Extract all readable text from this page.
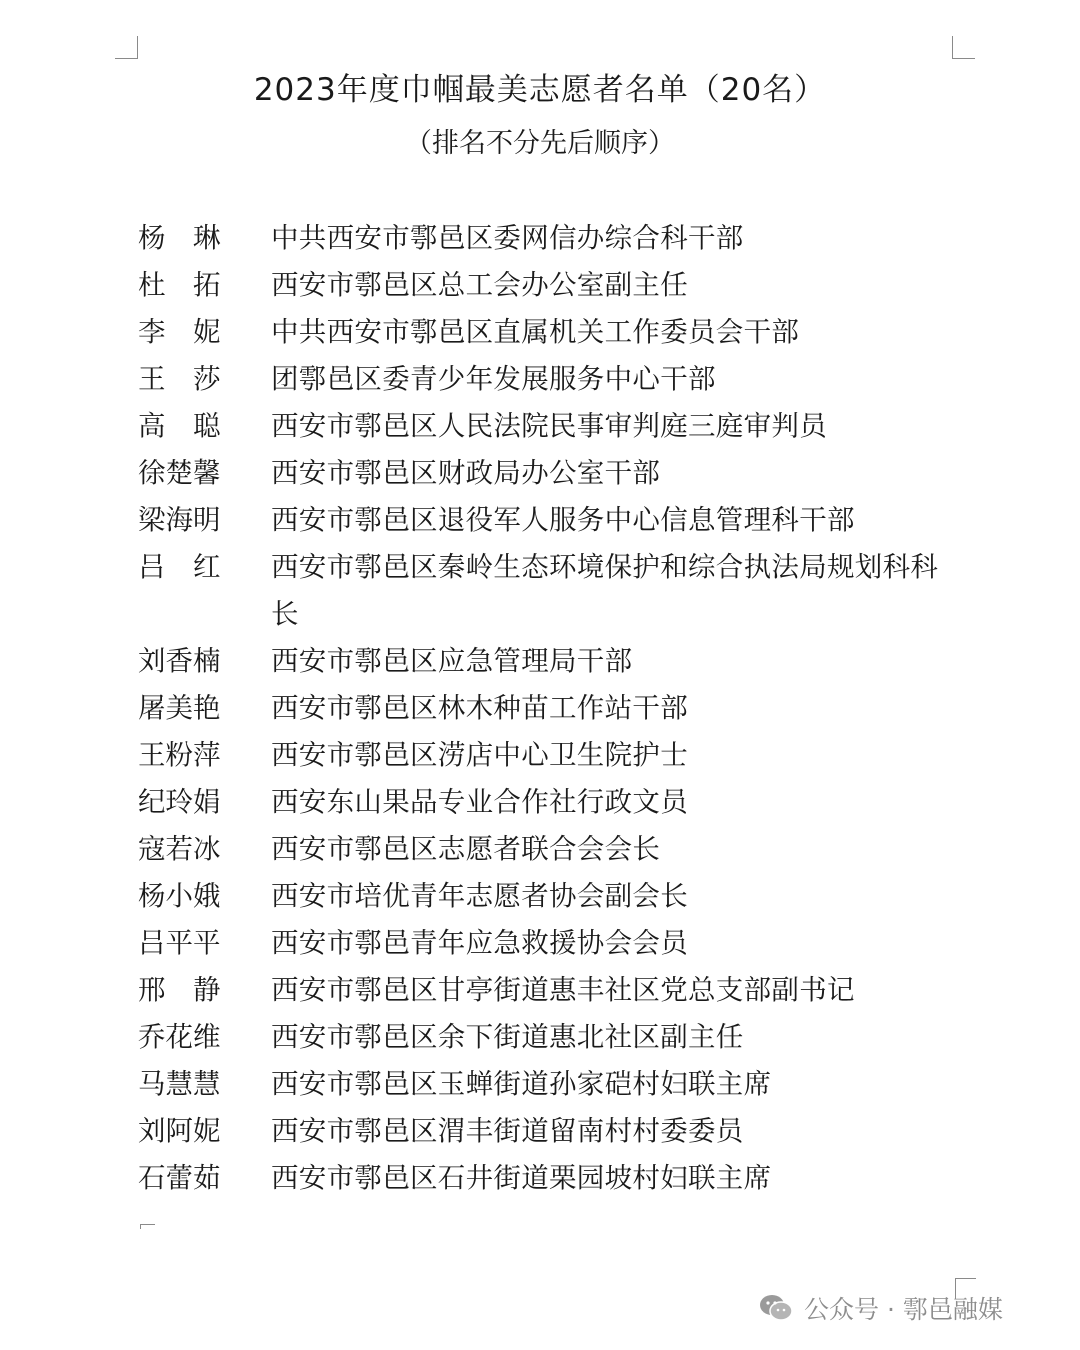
2023年度巾帼最美志愿者名单（20名）
（排名不分先后顺序）
杨　琳	中共西安市鄠邑区委网信办综合科干部
杜　拓	西安市鄠邑区总工会办公室副主任
李　妮	中共西安市鄠邑区直属机关工作委员会干部
王　莎	团鄠邑区委青少年发展服务中心干部
高　聪	西安市鄠邑区人民法院民事审判庭三庭审判员
徐楚馨	西安市鄠邑区财政局办公室干部
梁海明	西安市鄠邑区退役军人服务中心信息管理科干部
吕　红	西安市鄠邑区秦岭生态环境保护和综合执法局规划科科长
刘香楠	西安市鄠邑区应急管理局干部
屠美艳	西安市鄠邑区林木种苗工作站干部
王粉萍	西安市鄠邑区涝店中心卫生院护士
纪玲娟	西安东山果品专业合作社行政文员
寇若冰	西安市鄠邑区志愿者联合会会长
杨小娥	西安市培优青年志愿者协会副会长
吕平平	西安市鄠邑青年应急救援协会会员
邢　静	西安市鄠邑区甘亭街道惠丰社区党总支部副书记
乔花维	西安市鄠邑区余下街道惠北社区副主任
马慧慧	西安市鄠邑区玉蝉街道孙家硙村妇联主席
刘阿妮	西安市鄠邑区渭丰街道留南村村委委员
石蕾茹	西安市鄠邑区石井街道栗园坡村妇联主席
公众号 · 鄠邑融媒
